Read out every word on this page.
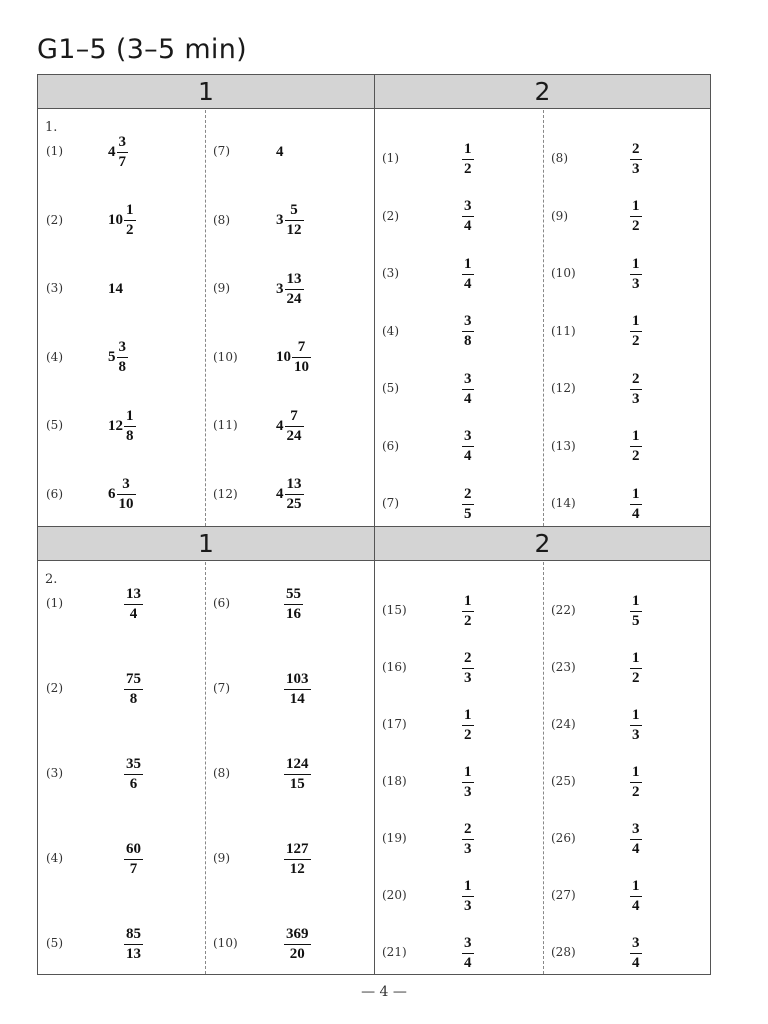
G1–5 (3–5 min)
1	2
1	2
1.
2.
(1)	$4 \frac{3}{7}$
(2)	$10 \frac{1}{2}$
(3)	14
(4)	$5 \frac{3}{8}$
(5)	$12 \frac{1}{8}$
(6)	$6 \frac{3}{10}$
(7)	4
(8)	$3 \frac{5}{12}$
(9)	$3 \frac{13}{24}$
(10)	$10 \frac{7}{10}$
(11)	$4 \frac{7}{24}$
(12)	$4 \frac{13}{25}$
(1)	$\frac{1}{2}$
(2)	$\frac{3}{4}$
(3)	$\frac{1}{4}$
(4)	$\frac{3}{8}$
(5)	$\frac{3}{4}$
(6)	$\frac{3}{4}$
(7)	$\frac{2}{5}$
(8)	$\frac{2}{3}$
(9)	$\frac{1}{2}$
(10)	$\frac{1}{3}$
(11)	$\frac{1}{2}$
(12)	$\frac{2}{3}$
(13)	$\frac{1}{2}$
(14)	$\frac{1}{4}$
(1)	$\frac{13}{4}$
(2)	$\frac{75}{8}$
(3)	$\frac{35}{6}$
(4)	$\frac{60}{7}$
(5)	$\frac{85}{13}$
(6)	$\frac{55}{16}$
(7)	$\frac{103}{14}$
(8)	$\frac{124}{15}$
(9)	$\frac{127}{12}$
(10)	$\frac{369}{20}$
(15)	$\frac{1}{2}$
(16)	$\frac{2}{3}$
(17)	$\frac{1}{2}$
(18)	$\frac{1}{3}$
(19)	$\frac{2}{3}$
(20)	$\frac{1}{3}$
(21)	$\frac{3}{4}$
(22)	$\frac{1}{5}$
(23)	$\frac{1}{2}$
(24)	$\frac{1}{3}$
(25)	$\frac{1}{2}$
(26)	$\frac{3}{4}$
(27)	$\frac{1}{4}$
(28)	$\frac{3}{4}$
— 4 —
